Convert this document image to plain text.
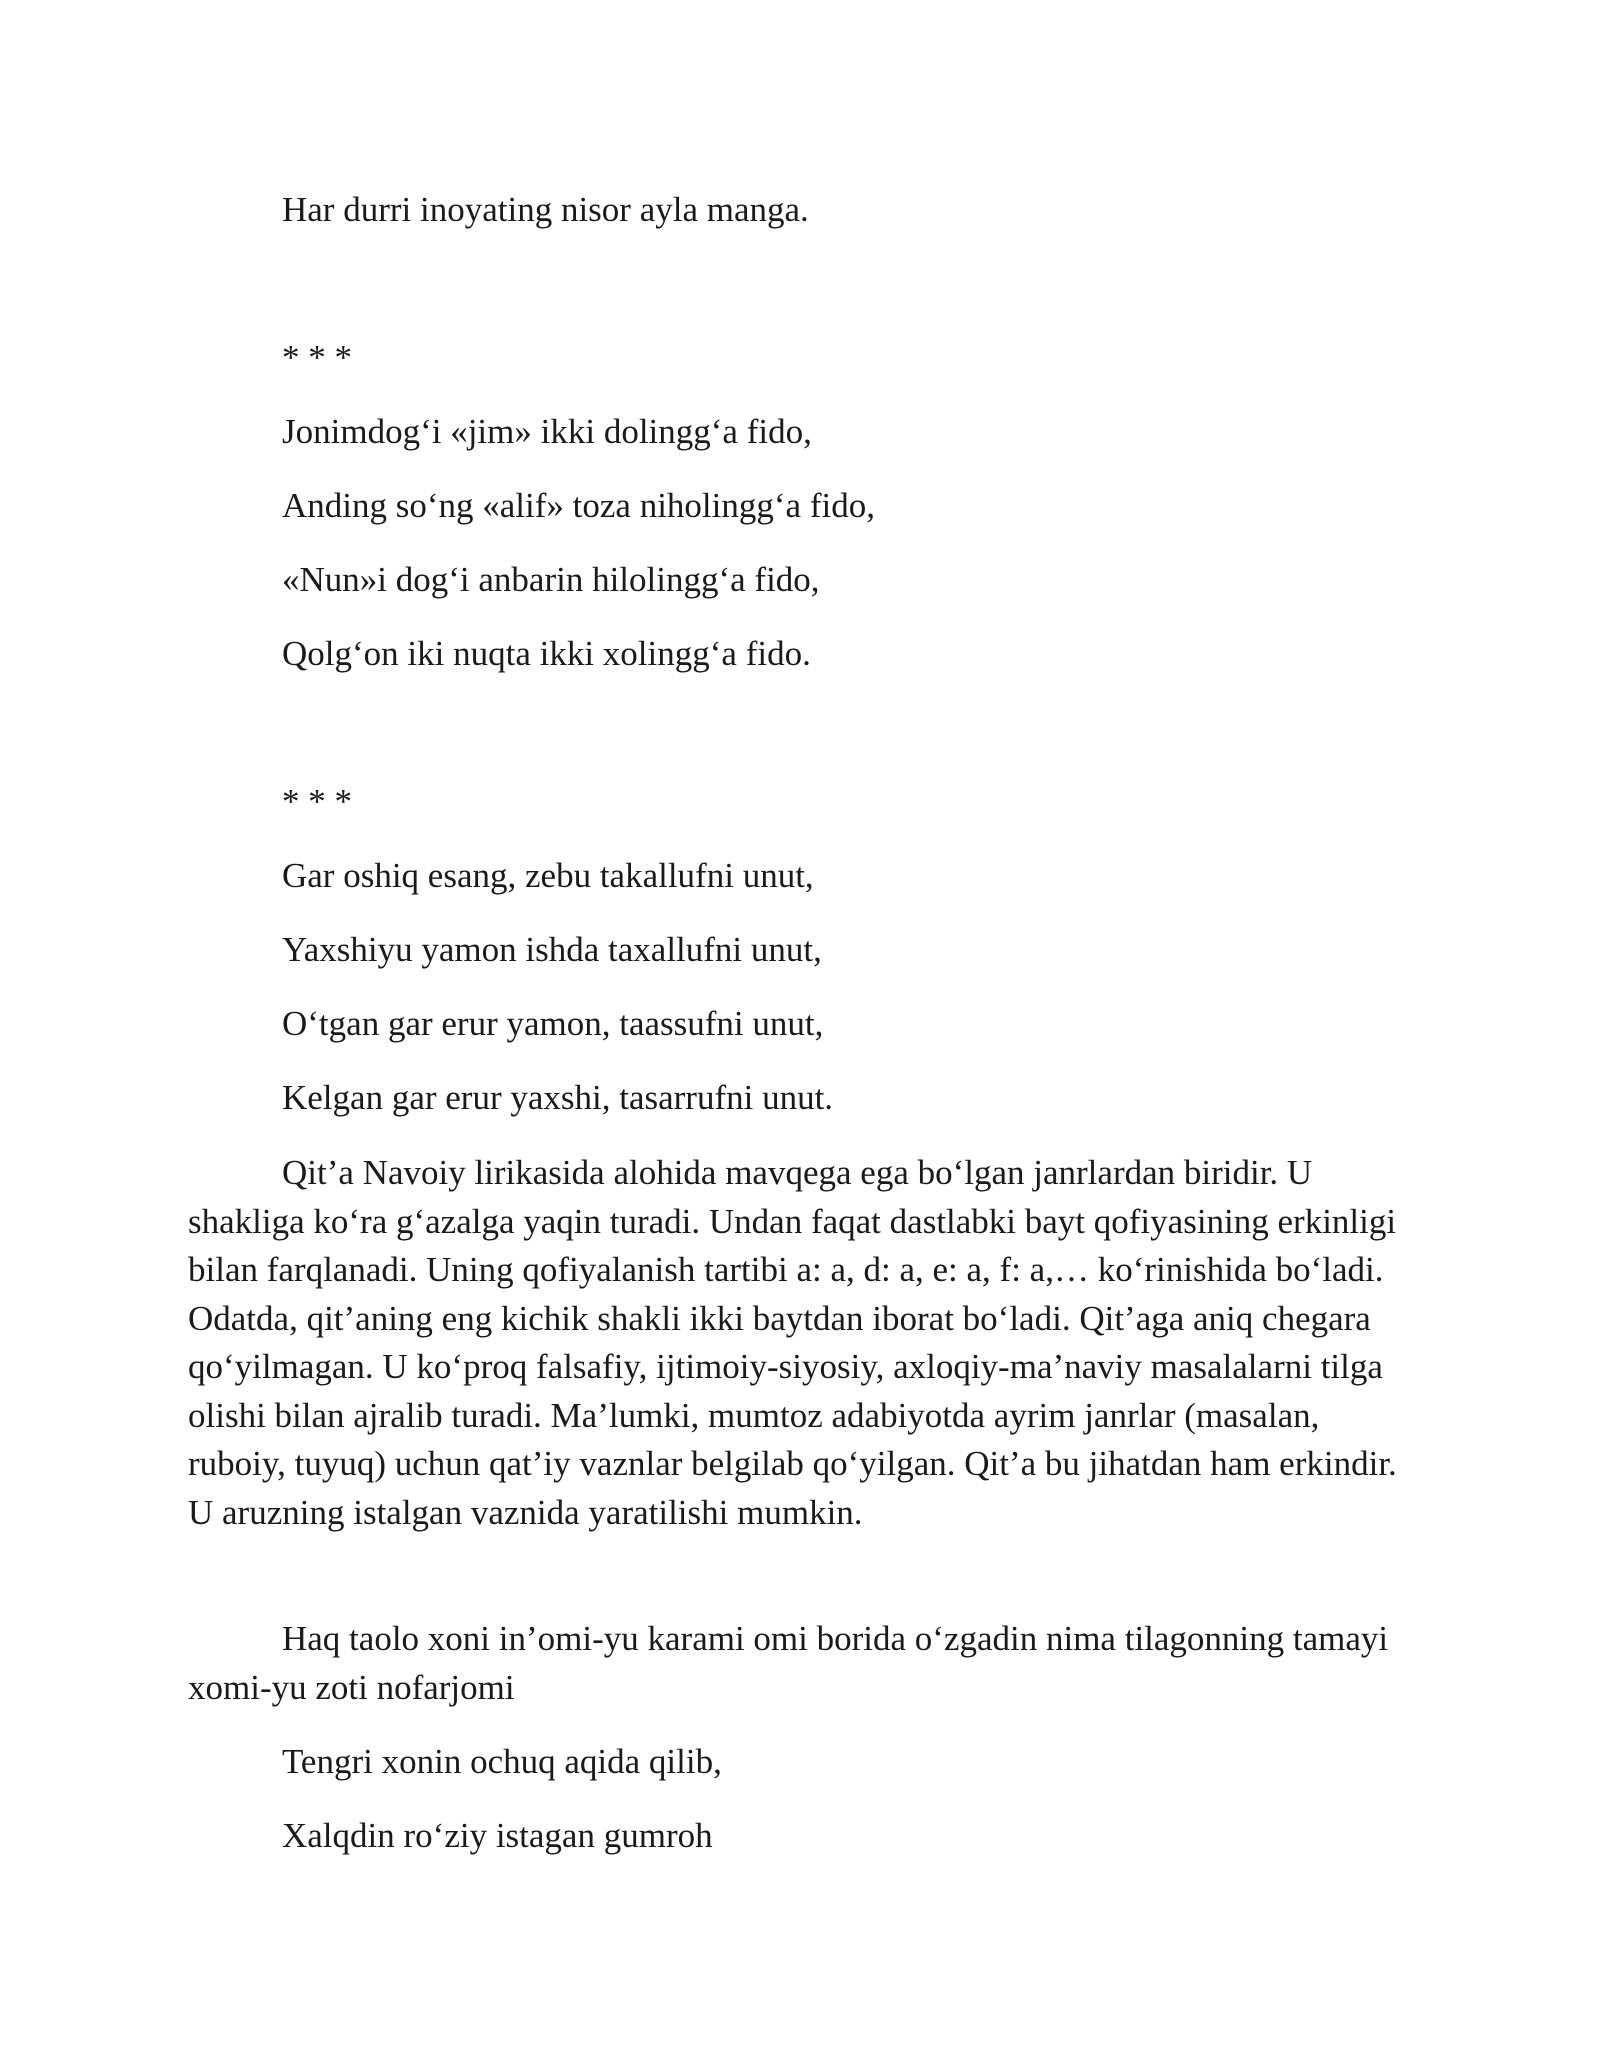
Har durri inoyating nisor ayla manga.
* * *
Jonimdog‘i «jim» ikki dolingg‘a fido,
Anding so‘ng «alif» toza niholingg‘a fido,
«Nun»i dog‘i anbarin hilolingg‘a fido,
Qolg‘on iki nuqta ikki xolingg‘a fido.
* * *
Gar oshiq esang, zebu takallufni unut,
Yaxshiyu yamon ishda taxallufni unut,
O‘tgan gar erur yamon, taassufni unut,
Kelgan gar erur yaxshi, tasarrufni unut.

Qit’a Navoiy lirikasida alohida mavqega ega bo‘lgan janrlardan biridir. U shakliga ko‘ra g‘azalga yaqin turadi. Undan faqat dastlabki bayt qofiyasining erkinligi bilan farqlanadi. Uning qofiyalanish tartibi a: a, d: a, e: a, f: a,… ko‘rinishida bo‘ladi. Odatda, qit’aning eng kichik shakli ikki baytdan iborat bo‘ladi. Qit’aga aniq chegara qo‘yilmagan. U ko‘proq falsafiy, ijtimoiy-siyosiy, axloqiy-ma’naviy masalalarni tilga olishi bilan ajralib turadi. Ma’lumki, mumtoz adabiyotda ayrim janrlar (masalan, ruboiy, tuyuq) uchun qat’iy vaznlar belgilab qo‘yilgan. Qit’a bu jihatdan ham erkindir. U aruzning istalgan vaznida yaratilishi mumkin.

Haq taolo xoni in’omi-yu karami omi borida o‘zgadin nima tilagonning tamayi xomi-yu zoti nofarjomi

Tengri xonin ochuq aqida qilib,
Xalqdin ro‘ziy istagan gumroh
